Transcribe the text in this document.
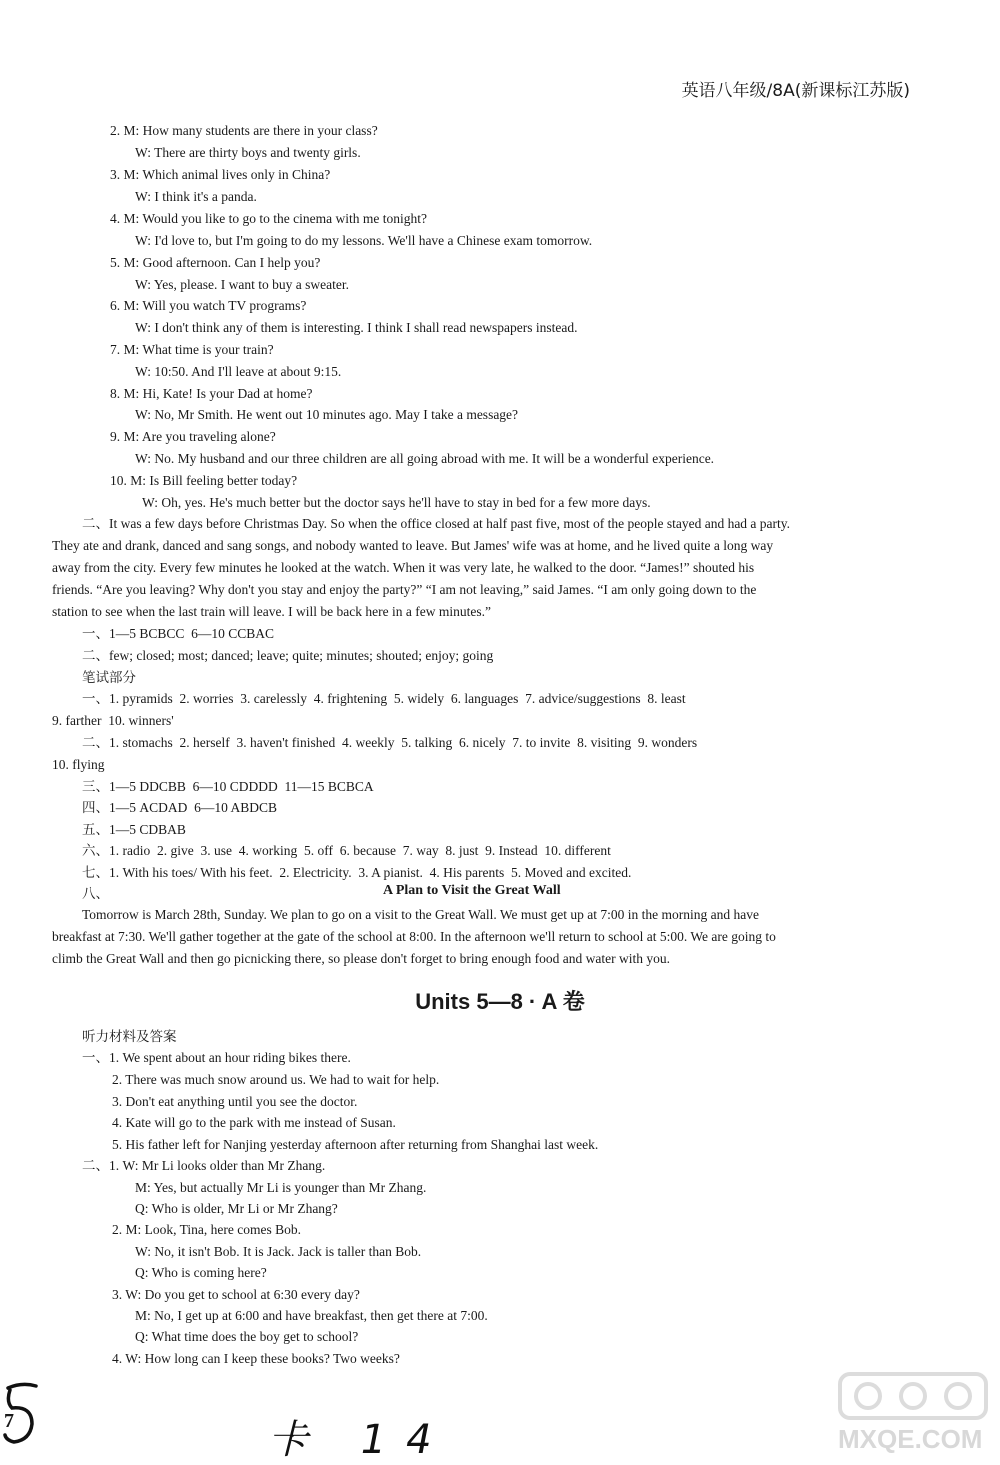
英语八年级/8A(新课标江苏版)
2. M: How many students are there in your class?
W: There are thirty boys and twenty girls.
3. M: Which animal lives only in China?
W: I think it's a panda.
4. M: Would you like to go to the cinema with me tonight?
W: I'd love to, but I'm going to do my lessons. We'll have a Chinese exam tomorrow.
5. M: Good afternoon. Can I help you?
W: Yes, please. I want to buy a sweater.
6. M: Will you watch TV programs?
W: I don't think any of them is interesting. I think I shall read newspapers instead.
7. M: What time is your train?
W: 10:50. And I'll leave at about 9:15.
8. M: Hi, Kate! Is your Dad at home?
W: No, Mr Smith. He went out 10 minutes ago. May I take a message?
9. M: Are you traveling alone?
W: No. My husband and our three children are all going abroad with me. It will be a wonderful experience.
10. M: Is Bill feeling better today?
W: Oh, yes. He's much better but the doctor says he'll have to stay in bed for a few more days.
二、It was a few days before Christmas Day. So when the office closed at half past five, most of the people stayed and had a party.
They ate and drank, danced and sang songs, and nobody wanted to leave. But James' wife was at home, and he lived quite a long way
away from the city. Every few minutes he looked at the watch. When it was very late, he walked to the door. “James!” shouted his
friends. “Are you leaving? Why don't you stay and enjoy the party?” “I am not leaving,” said James. “I am only going down to the
station to see when the last train will leave. I will be back here in a few minutes.”
一、1—5 BCBCC  6—10 CCBAC
二、few; closed; most; danced; leave; quite; minutes; shouted; enjoy; going
笔试部分
一、1. pyramids  2. worries  3. carelessly  4. frightening  5. widely  6. languages  7. advice/suggestions  8. least
9. farther  10. winners'
二、1. stomachs  2. herself  3. haven't finished  4. weekly  5. talking  6. nicely  7. to invite  8. visiting  9. wonders
10. flying
三、1—5 DDCBB  6—10 CDDDD  11—15 BCBCA
四、1—5 ACDAD  6—10 ABDCB
五、1—5 CDBAB
六、1. radio  2. give  3. use  4. working  5. off  6. because  7. way  8. just  9. Instead  10. different
七、1. With his toes/ With his feet.  2. Electricity.  3. A pianist.  4. His parents  5. Moved and excited.
八、	A Plan to Visit the Great Wall
Tomorrow is March 28th, Sunday. We plan to go on a visit to the Great Wall. We must get up at 7:00 in the morning and have
breakfast at 7:30. We'll gather together at the gate of the school at 8:00. In the afternoon we'll return to school at 5:00. We are going to
climb the Great Wall and then go picnicking there, so please don't forget to bring enough food and water with you.
Units 5—8 · A 卷
听力材料及答案
一、1. We spent about an hour riding bikes there.
2. There was much snow around us. We had to wait for help.
3. Don't eat anything until you see the doctor.
4. Kate will go to the park with me instead of Susan.
5. His father left for Nanjing yesterday afternoon after returning from Shanghai last week.
二、1. W: Mr Li looks older than Mr Zhang.
M: Yes, but actually Mr Li is younger than Mr Zhang.
Q: Who is older, Mr Li or Mr Zhang?
2. M: Look, Tina, here comes Bob.
W: No, it isn't Bob. It is Jack. Jack is taller than Bob.
Q: Who is coming here?
3. W: Do you get to school at 6:30 every day?
M: No, I get up at 6:00 and have breakfast, then get there at 7:00.
Q: What time does the boy get to school?
4. W: How long can I keep these books? Two weeks?
7	卡 14	MXQE.COM
